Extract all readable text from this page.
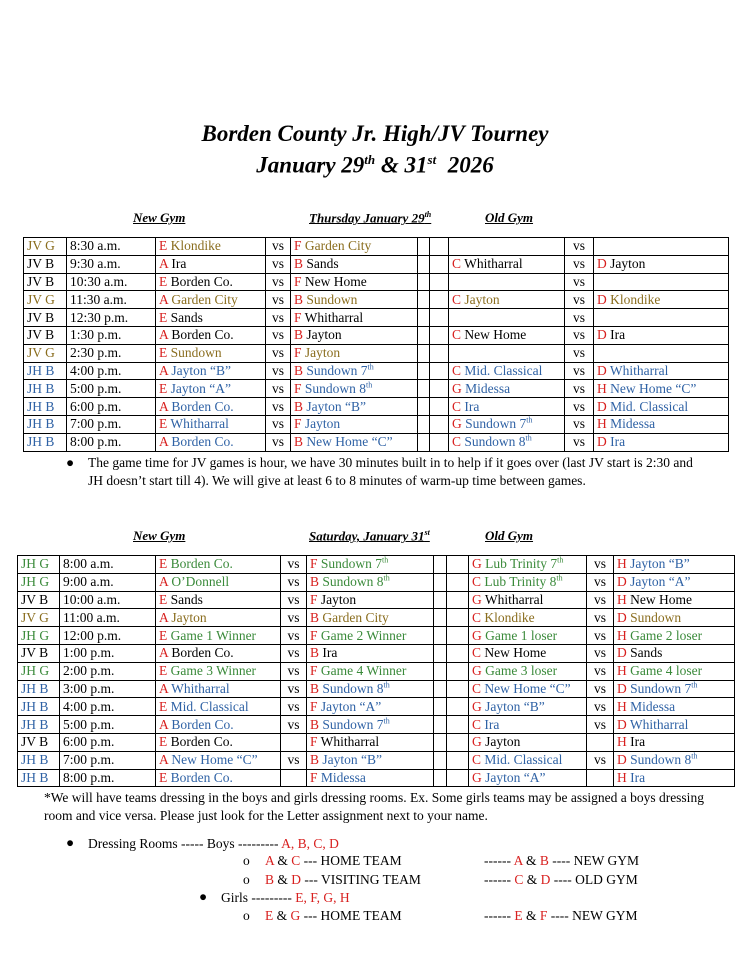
Borden County Jr. High/JV Tourney
January 29th & 31st  2026
New Gym	Thursday January 29th	Old Gym
JV G	8:30 a.m.	E Klondike	vs	F Garden City				vs	
JV B	9:30 a.m.	A Ira	vs	B Sands			C Whitharral	vs	D Jayton
JV B	10:30 a.m.	E Borden Co.	vs	F New Home				vs	
JV G	11:30 a.m.	A Garden City	vs	B Sundown			C Jayton	vs	D Klondike
JV B	12:30 p.m.	E Sands	vs	F Whitharral				vs	
JV B	1:30 p.m.	A Borden Co.	vs	B Jayton			C New Home	vs	D Ira
JV G	2:30 p.m.	E Sundown	vs	F Jayton				vs	
JH B	4:00 p.m.	A Jayton “B”	vs	B Sundown 7th			C Mid. Classical	vs	D Whitharral
JH B	5:00 p.m.	E Jayton “A”	vs	F Sundown 8th			G Midessa	vs	H New Home “C”
JH B	6:00 p.m.	A Borden Co.	vs	B Jayton “B”			C Ira	vs	D Mid. Classical
JH B	7:00 p.m.	E Whitharral	vs	F Jayton			G Sundown 7th	vs	H Midessa
JH B	8:00 p.m.	A Borden Co.	vs	B New Home “C”			C Sundown 8th	vs	D Ira
● The game time for JV games is hour, we have 30 minutes built in to help if it goes over (last JV start is 2:30 and JH doesn’t start till 4). We will give at least 6 to 8 minutes of warm-up time between games.
New Gym	Saturday, January 31st	Old Gym
JH G	8:00 a.m.	E Borden Co.	vs	F Sundown 7th			G Lub Trinity 7th	vs	H Jayton “B”
JH G	9:00 a.m.	A O’Donnell	vs	B Sundown 8th			C Lub Trinity 8th	vs	D Jayton “A”
JV B	10:00 a.m.	E Sands	vs	F Jayton			G Whitharral	vs	H New Home
JV G	11:00 a.m.	A Jayton	vs	B Garden City			C Klondike	vs	D Sundown
JH G	12:00 p.m.	E Game 1 Winner	vs	F Game 2 Winner			G Game 1 loser	vs	H Game 2 loser
JV B	1:00 p.m.	A Borden Co.	vs	B Ira			C New Home	vs	D Sands
JH G	2:00 p.m.	E Game 3 Winner	vs	F Game 4 Winner			G Game 3 loser	vs	H Game 4 loser
JH B	3:00 p.m.	A Whitharral	vs	B Sundown 8th			C New Home “C”	vs	D Sundown 7th
JH B	4:00 p.m.	E Mid. Classical	vs	F Jayton “A”			G Jayton “B”	vs	H Midessa
JH B	5:00 p.m.	A Borden Co.	vs	B Sundown 7th			C Ira	vs	D Whitharral
JV B	6:00 p.m.	E Borden Co.		F Whitharral			G Jayton		H Ira
JH B	7:00 p.m.	A New Home “C”	vs	B Jayton “B”			C Mid. Classical	vs	D Sundown 8th
JH B	8:00 p.m.	E Borden Co.		F Midessa			G Jayton “A”		H Ira
*We will have teams dressing in the boys and girls dressing rooms. Ex. Some girls teams may be assigned a boys dressing room and vice versa. Please just look for the Letter assignment next to your name.
● Dressing Rooms ----- Boys --------- A, B, C, D
o A & C --- HOME TEAM	------ A & B ---- NEW GYM
o B & D --- VISITING TEAM	------ C & D ---- OLD GYM
● Girls --------- E, F, G, H
o E & G --- HOME TEAM	------ E & F ---- NEW GYM
